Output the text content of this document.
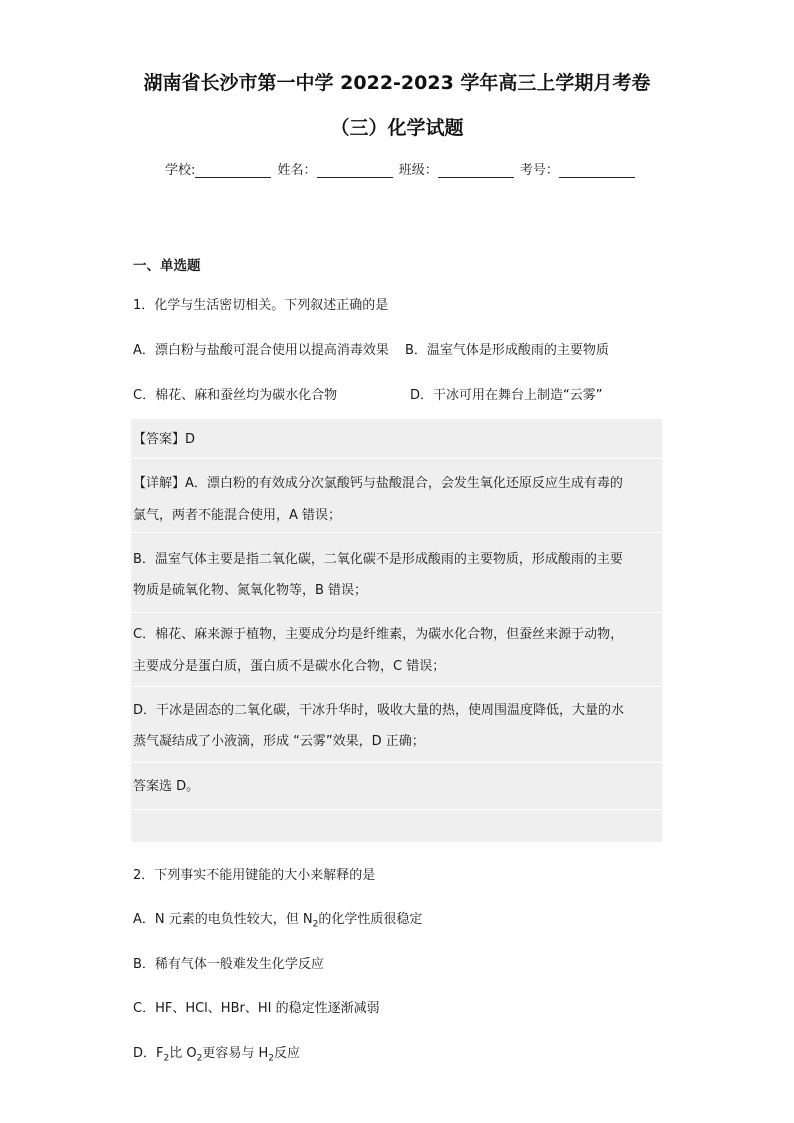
湖南省长沙市第一中学 2022-2023 学年高三上学期月考卷
（三）化学试题
学校:	姓名：	班级：	考号：
一、单选题
1．化学与生活密切相关。下列叙述正确的是
A．漂白粉与盐酸可混合使用以提高消毒效果 B．温室气体是形成酸雨的主要物质
C．棉花、麻和蚕丝均为碳水化合物	D．干冰可用在舞台上制造“云雾”
【答案】D
【详解】A．漂白粉的有效成分次氯酸钙与盐酸混合，会发生氧化还原反应生成有毒的
氯气，两者不能混合使用，A 错误；
B．温室气体主要是指二氧化碳，二氧化碳不是形成酸雨的主要物质，形成酸雨的主要
物质是硫氧化物、氮氧化物等，B 错误；
C．棉花、麻来源于植物，主要成分均是纤维素，为碳水化合物，但蚕丝来源于动物，
主要成分是蛋白质，蛋白质不是碳水化合物，C 错误；
D．干冰是固态的二氧化碳，干冰升华时，吸收大量的热，使周围温度降低，大量的水
蒸气凝结成了小液滴，形成 “云雾”效果，D 正确；
答案选 D。
2．下列事实不能用键能的大小来解释的是
A．N 元素的电负性较大，但 $N_2$的化学性质很稳定
B．稀有气体一般难发生化学反应
C．HF、HCl、HBr、HI 的稳定性逐渐减弱
D．$F_2$比 $O_2$更容易与 $H_2$反应
